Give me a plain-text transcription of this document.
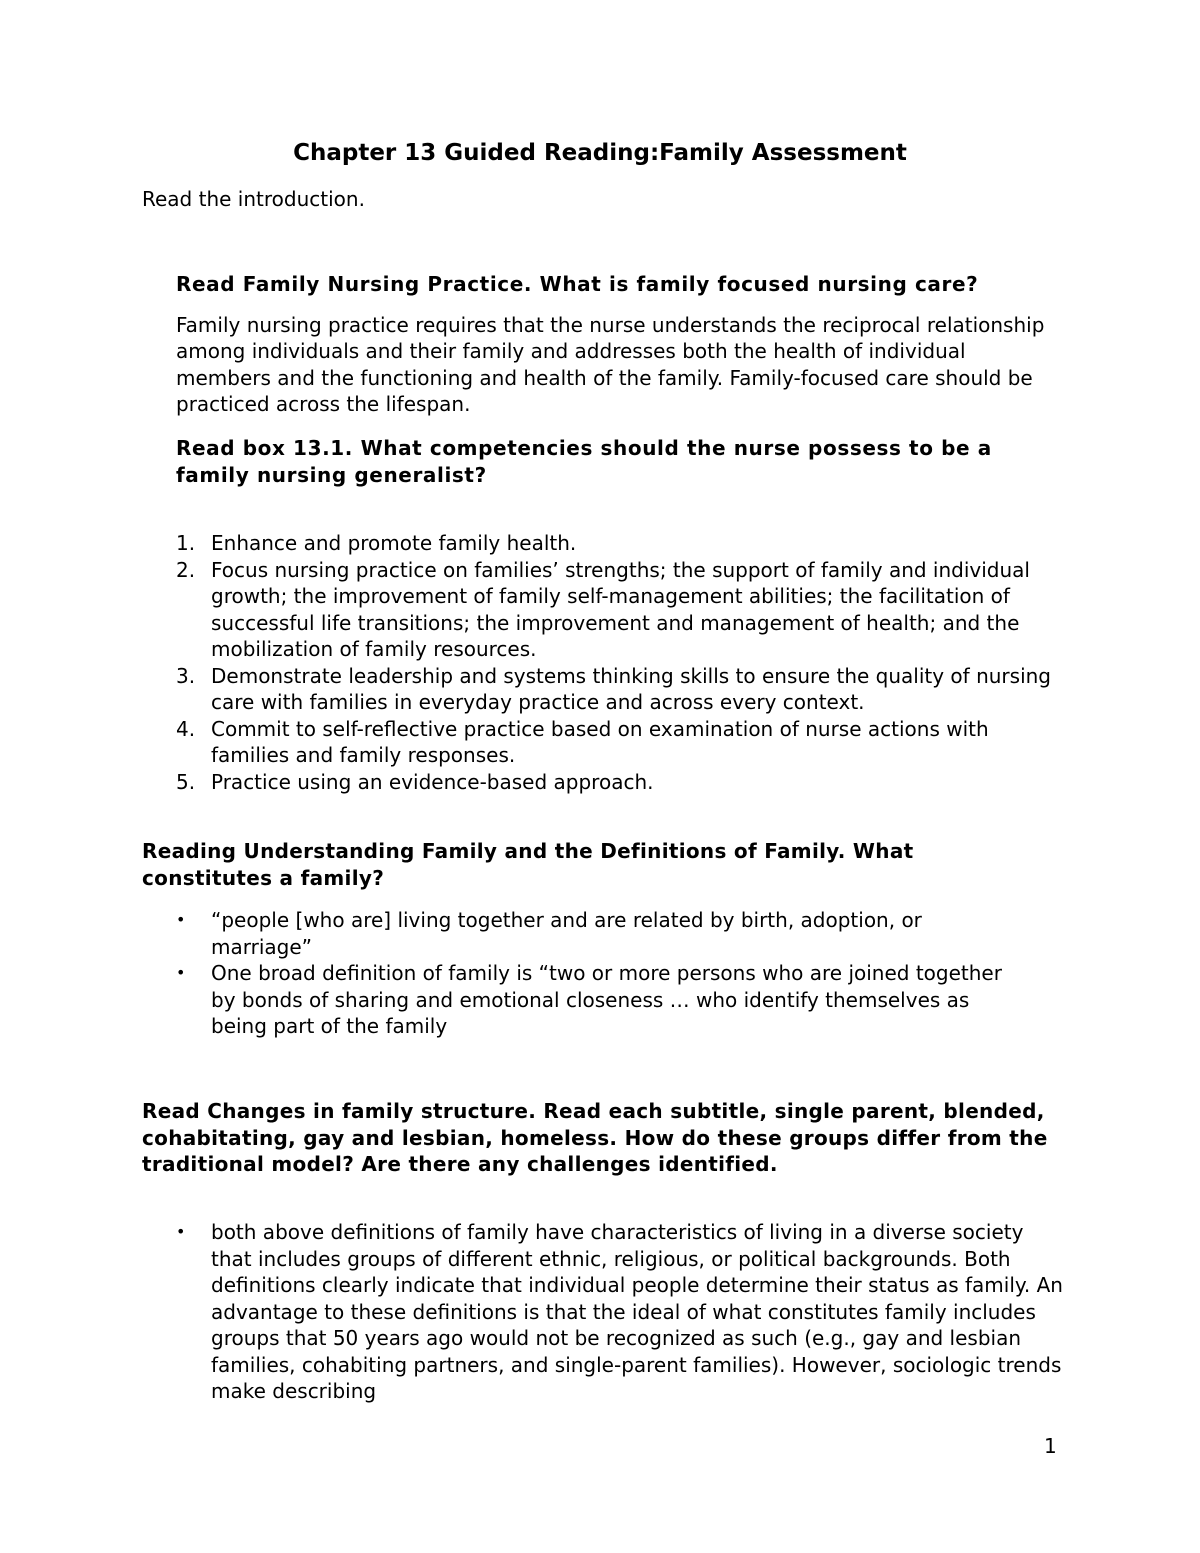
Chapter 13 Guided Reading:Family Assessment

Read the introduction.

Read Family Nursing Practice. What is family focused nursing care?

Family nursing practice requires that the nurse understands the reciprocal relationship among individuals and their family and addresses both the health of individual members and the functioning and health of the family. Family-focused care should be practiced across the lifespan.

Read box 13.1. What competencies should the nurse possess to be a family nursing generalist?

1. Enhance and promote family health.
2. Focus nursing practice on families’ strengths; the support of family and individual growth; the improvement of family self-management abilities; the facilitation of successful life transitions; the improvement and management of health; and the mobilization of family resources.
3. Demonstrate leadership and systems thinking skills to ensure the quality of nursing care with families in everyday practice and across every context.
4. Commit to self-reflective practice based on examination of nurse actions with families and family responses.
5. Practice using an evidence-based approach.

Reading Understanding Family and the Definitions of Family. What constitutes a family?

• “people [who are] living together and are related by birth, adoption, or marriage”
• One broad definition of family is “two or more persons who are joined together by bonds of sharing and emotional closeness … who identify themselves as being part of the family

Read Changes in family structure. Read each subtitle, single parent, blended, cohabitating, gay and lesbian, homeless. How do these groups differ from the traditional model? Are there any challenges identified.

• both above definitions of family have characteristics of living in a diverse society that includes groups of different ethnic, religious, or political backgrounds. Both definitions clearly indicate that individual people determine their status as family. An advantage to these definitions is that the ideal of what constitutes family includes groups that 50 years ago would not be recognized as such (e.g., gay and lesbian families, cohabiting partners, and single-parent families). However, sociologic trends make describing

1
